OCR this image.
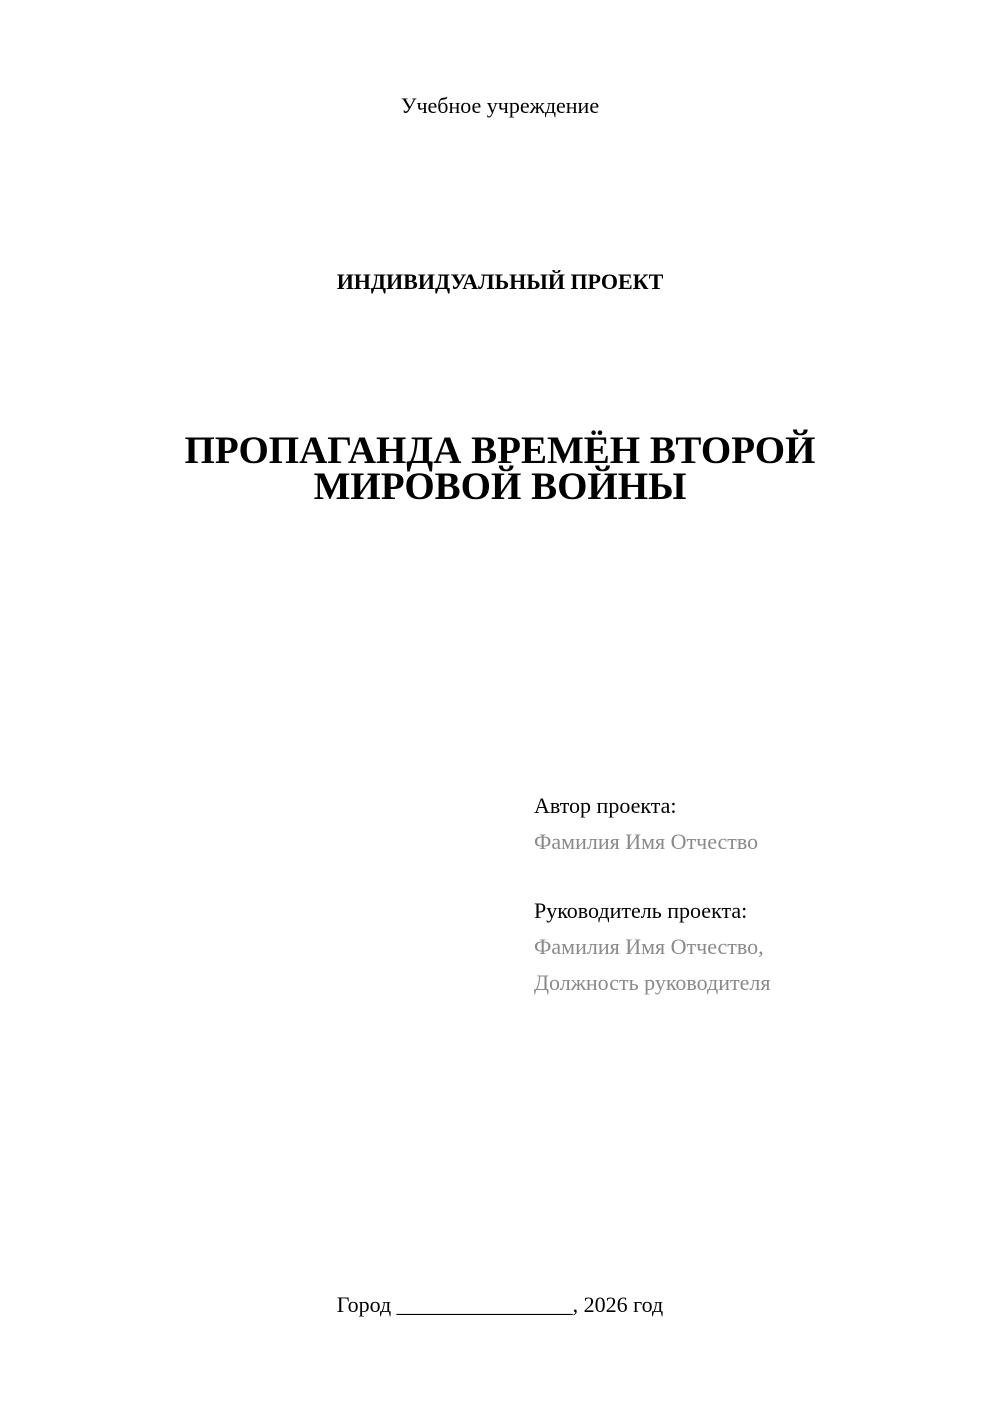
Учебное учреждение
ИНДИВИДУАЛЬНЫЙ ПРОЕКТ
ПРОПАГАНДА ВРЕМЁН ВТОРОЙ
МИРОВОЙ ВОЙНЫ
Автор проекта:
Фамилия Имя Отчество
Руководитель проекта:
Фамилия Имя Отчество,
Должность руководителя
Город ________________, 2026 год
